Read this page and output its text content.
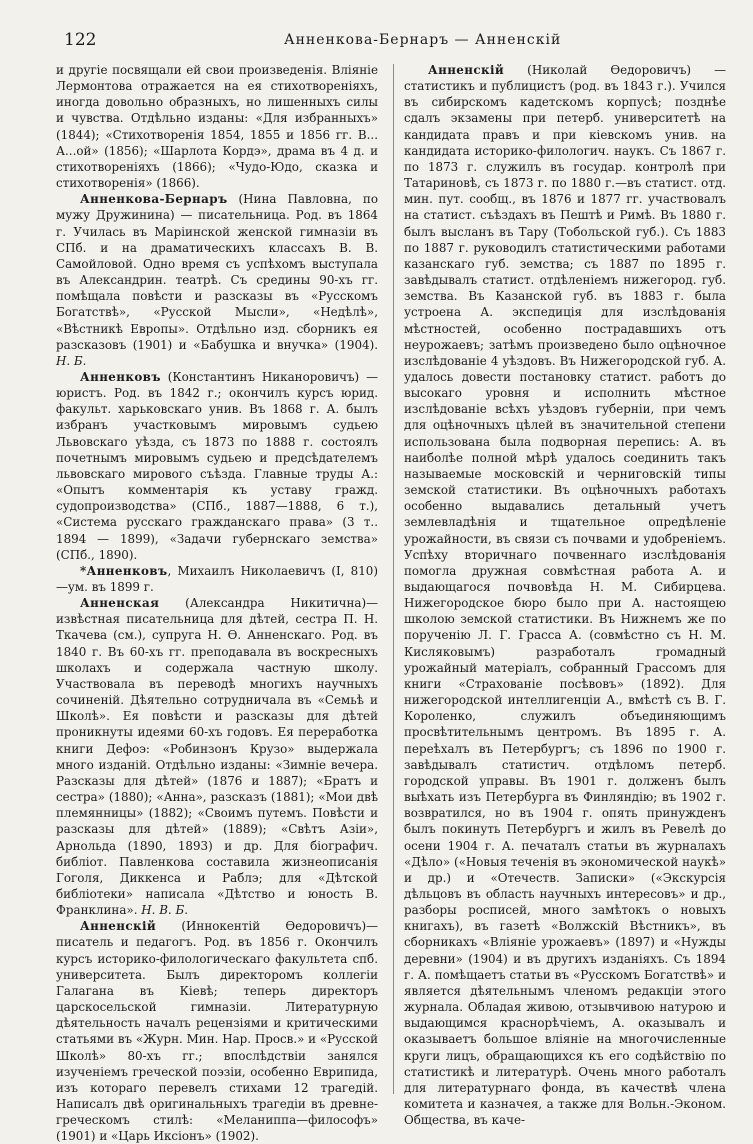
122	Анненкова-Бернаръ — Анненскій

и другіе посвящали ей свои произведенія. Вліяніе Лермонтова отражается на ея стихотвореніяхъ, иногда довольно образныхъ, но лишенныхъ силы и чувства. Отдѣльно изданы: «Для избранныхъ» (1844); «Стихотворенія 1854, 1855 и 1856 гг. В... А...ой» (1856); «Шарлота Кордэ», драма въ 4 д. и стихотвореніяхъ (1866); «Чудо-Юдо, сказка и стихотворенія» (1866).

Анненкова-Бернаръ (Нина Павловна, по мужу Дружинина) — писательница. Род. въ 1864 г. Училась въ Маріинской женской гимназіи въ СПб. и на драматическихъ классахъ В. В. Самойловой. Одно время съ успѣхомъ выступала въ Александрин. театрѣ. Съ средины 90-хъ гг. помѣщала повѣсти и разсказы въ «Русскомъ Богатствѣ», «Русской Мысли», «Недѣлѣ», «Вѣстникѣ Европы». Отдѣльно изд. сборникъ ея разсказовъ (1901) и «Бабушка и внучка» (1904). Н. Б.

Анненковъ (Константинъ Никаноровичъ) — юристъ. Род. въ 1842 г.; окончилъ курсъ юрид. факульт. харьковскаго унив. Въ 1868 г. А. былъ избранъ участковымъ мировымъ судьею Львовскаго уѣзда, съ 1873 по 1888 г. состоялъ почетнымъ мировымъ судьею и предсѣдателемъ львовскаго мирового съѣзда. Главные труды А.: «Опытъ комментарія къ уставу гражд. судопроизводства» (СПб., 1887—1888, 6 т.), «Система русскаго гражданскаго права» (3 т.. 1894 — 1899), «Задачи губернскаго земства» (СПб., 1890).

*Анненковъ, Михаилъ Николаевичъ (I, 810)—ум. въ 1899 г.

Анненская (Александра Никитична)— извѣстная писательница для дѣтей, сестра П. Н. Ткачева (см.), супруга Н. Ѳ. Анненскаго. Род. въ 1840 г. Въ 60-хъ гг. преподавала въ воскресныхъ школахъ и содержала частную школу. Участвовала въ переводѣ многихъ научныхъ сочиненій. Дѣятельно сотрудничала въ «Семьѣ и Школѣ». Ея повѣсти и разсказы для дѣтей проникнуты идеями 60-хъ годовъ. Ея переработка книги Дефоэ: «Робинзонъ Крузо» выдержала много изданій. Отдѣльно изданы: «Зимніе вечера. Разсказы для дѣтей» (1876 и 1887); «Братъ и сестра» (1880); «Анна», разсказъ (1881); «Мои двѣ племянницы» (1882); «Своимъ путемъ. Повѣсти и разсказы для дѣтей» (1889); «Свѣтъ Азіи», Арнольда (1890, 1893) и др. Для біографич. библіот. Павленкова составила жизнеописанія Гоголя, Диккенса и Раблэ; для «Дѣтской библіотеки» написала «Дѣтство и юность В. Франклина». Н. В. Б.

Анненскій (Иннокентій Ѳедоровичъ)— писатель и педагогъ. Род. въ 1856 г. Окончилъ курсъ историко-филологическаго факультета спб. университета. Былъ директоромъ коллегіи Галагана въ Кіевѣ; теперь директоръ царскосельской гимназіи. Литературную дѣятельность началъ рецензіями и критическими статьями въ «Журн. Мин. Нар. Просв.» и «Русской Школѣ» 80-хъ гг.; впослѣдствіи занялся изученіемъ греческой поэзіи, особенно Еврипида, изъ котораго перевелъ стихами 12 трагедій. Написалъ двѣ оригинальныхъ трагедіи въ древне-греческомъ стилѣ: «Меланиппа—философъ» (1901) и «Царь Иксіонъ» (1902).

Анненскій (Николай Ѳедоровичъ) — статистикъ и публицистъ (род. въ 1843 г.). Учился въ сибирскомъ кадетскомъ корпусѣ; позднѣе сдалъ экзамены при петерб. университетѣ на кандидата правъ и при кіевскомъ унив. на кандидата историко-филологич. наукъ. Съ 1867 г. по 1873 г. служилъ въ государ. контролѣ при Татариновѣ, съ 1873 г. по 1880 г.—въ статист. отд. мин. пут. сообщ., въ 1876 и 1877 гг. участвовалъ на статист. съѣздахъ въ Пештѣ и Римѣ. Въ 1880 г. былъ высланъ въ Тару (Тобольской губ.). Съ 1883 по 1887 г. руководилъ статистическими работами казанскаго губ. земства; съ 1887 по 1895 г. завѣдывалъ статист. отдѣленіемъ нижегород. губ. земства. Въ Казанской губ. въ 1883 г. была устроена А. экспедиція для изслѣдованія мѣстностей, особенно пострадавшихъ отъ неурожаевъ; затѣмъ произведено было оцѣночное изслѣдованіе 4 уѣздовъ. Въ Нижегородской губ. А. удалось довести постановку статист. работъ до высокаго уровня и исполнить мѣстное изслѣдованіе всѣхъ уѣздовъ губерніи, при чемъ для оцѣночныхъ цѣлей въ значительной степени использована была подворная перепись: А. въ наиболѣе полной мѣрѣ удалось соединить такъ называемые московскій и черниговскій типы земской статистики. Въ оцѣночныхъ работахъ особенно выдавались детальный учетъ землевладѣнія и тщательное опредѣленіе урожайности, въ связи съ почвами и удобреніемъ. Успѣху вторичнаго почвеннаго изслѣдованія помогла дружная совмѣстная работа А. и выдающагося почвовѣда Н. М. Сибирцева. Нижегородское бюро было при А. настоящею школою земской статистики. Въ Нижнемъ же по порученію Л. Г. Грасса А. (совмѣстно съ Н. М. Кисляковымъ) разработалъ громадный урожайный матеріалъ, собранный Грассомъ для книги «Страхованіе посѣвовъ» (1892). Для нижегородской интеллигенціи А., вмѣстѣ съ В. Г. Короленко, служилъ объединяющимъ просвѣтительнымъ центромъ. Въ 1895 г. А. переѣхалъ въ Петербургъ; съ 1896 по 1900 г. завѣдывалъ статистич. отдѣломъ петерб. городской управы. Въ 1901 г. долженъ былъ выѣхать изъ Петербурга въ Финляндію; въ 1902 г. возвратился, но въ 1904 г. опять принужденъ былъ покинуть Петербургъ и жилъ въ Ревелѣ до осени 1904 г. А. печаталъ статьи въ журналахъ «Дѣло» («Новыя теченія въ экономической наукѣ» и др.) и «Отечеств. Записки» («Экскурсія дѣльцовъ въ область научныхъ интересовъ» и др., разборы росписей, много замѣтокъ о новыхъ книгахъ), въ газетѣ «Волжскій Вѣстникъ», въ сборникахъ «Вліяніе урожаевъ» (1897) и «Нужды деревни» (1904) и въ другихъ изданіяхъ. Съ 1894 г. А. помѣщаетъ статьи въ «Русскомъ Богатствѣ» и является дѣятельнымъ членомъ редакціи этого журнала. Обладая живою, отзывчивою натурою и выдающимся краснорѣчіемъ, А. оказывалъ и оказываетъ большое вліяніе на многочисленные круги лицъ, обращающихся къ его содѣйствію по статистикѣ и литературѣ. Очень много работалъ для литературнаго фонда, въ качествѣ члена комитета и казначея, а также для Вольн.-Эконом. Общества, въ каче-
